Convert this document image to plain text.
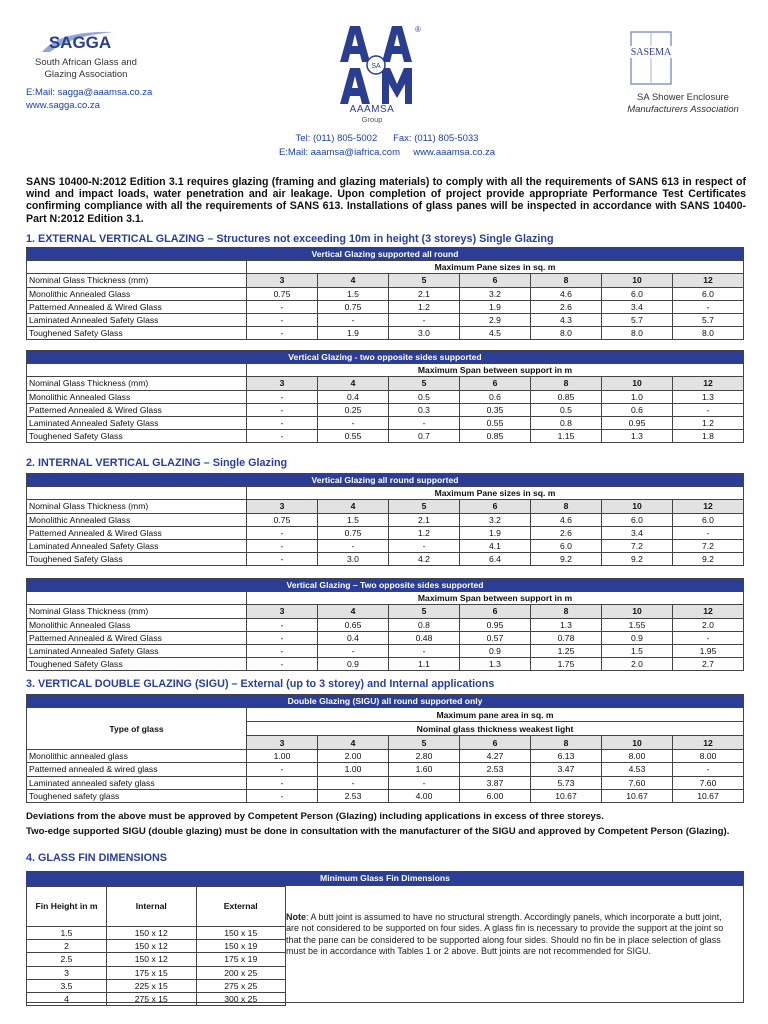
SAGGA
South African Glass and
Glazing Association
E:Mail: sagga@aaamsa.co.za
www.sagga.co.za
SA
®
AAAMSA
Group
Tel: (011) 805-5002 Fax: (011) 805-5033
E:Mail: aaamsa@iafrica.com www.aaamsa.co.za
SASEMA
SA Shower Enclosure
Manufacturers Association
SANS 10400-N:2012 Edition 3.1 requires glazing (framing and glazing materials) to comply with all the requirements of SANS 613 in respect of wind and impact loads, water penetration and air leakage. Upon completion of project provide appropriate Performance Test Certificates confirming compliance with all the requirements of SANS 613. Installations of glass panes will be inspected in accordance with SANS 10400-Part N:2012 Edition 3.1.
1. EXTERNAL VERTICAL GLAZING – Structures not exceeding 10m in height (3 storeys) Single Glazing
Vertical Glazing supported all round							
	Maximum Pane sizes in sq. m						
Nominal Glass Thickness (mm)	3	4	5	6	8	10	12
Monolithic Annealed Glass	0.75	1.5	2.1	3.2	4.6	6.0	6.0
Patterned Annealed & Wired Glass	-	0.75	1.2	1.9	2.6	3.4	-
Laminated Annealed Safety Glass	-	-	-	2.9	4.3	5.7	5.7
Toughened Safety Glass	-	1.9	3.0	4.5	8.0	8.0	8.0
Vertical Glazing - two opposite sides supported							
	Maximum Span between support in m						
Nominal Glass Thickness (mm)	3	4	5	6	8	10	12
Monolithic Annealed Glass	-	0.4	0.5	0.6	0.85	1.0	1.3
Patterned Annealed & Wired Glass	-	0.25	0.3	0.35	0.5	0.6	-
Laminated Annealed Safety Glass	-	-	-	0.55	0.8	0.95	1.2
Toughened Safety Glass	-	0.55	0.7	0.85	1.15	1.3	1.8
2. INTERNAL VERTICAL GLAZING – Single Glazing
Vertical Glazing all round supported							
	Maximum Pane sizes in sq. m						
Nominal Glass Thickness (mm)	3	4	5	6	8	10	12
Monolithic Annealed Glass	0.75	1.5	2.1	3.2	4.6	6.0	6.0
Patterned Annealed & Wired Glass	-	0.75	1.2	1.9	2.6	3.4	-
Laminated Annealed Safety Glass	-	-	-	4.1	6.0	7.2	7.2
Toughened Safety Glass	-	3.0	4.2	6.4	9.2	9.2	9.2
Vertical Glazing – Two opposite sides supported							
	Maximum Span between support in m						
Nominal Glass Thickness (mm)	3	4	5	6	8	10	12
Monolithic Annealed Glass	-	0.65	0.8	0.95	1.3	1.55	2.0
Patterned Annealed & Wired Glass	-	0.4	0.48	0.57	0.78	0.9	-
Laminated Annealed Safety Glass	-	-	-	0.9	1.25	1.5	1.95
Toughened Safety Glass	-	0.9	1.1	1.3	1.75	2.0	2.7
3. VERTICAL DOUBLE GLAZING (SIGU) – External (up to 3 storey) and Internal applications
Double Glazing (SIGU) all round supported only							
Type of glass	Maximum pane area in sq. m						
	Nominal glass thickness weakest light						
	3	4	5	6	8	10	12
Monolithic annealed glass	1.00	2.00	2.80	4.27	6.13	8.00	8.00
Patterned annealed & wired glass	-	1.00	1.60	2.53	3.47	4.53	-
Laminated annealed safety glass	-	-	-	3.87	5.73	7.60	7.60
Toughened safety glass	-	2.53	4.00	6.00	10.67	10.67	10.67
Deviations from the above must be approved by Competent Person (Glazing) including applications in excess of three storeys.
Two-edge supported SIGU (double glazing) must be done in consultation with the manufacturer of the SIGU and approved by Competent Person (Glazing).
4. GLASS FIN DIMENSIONS
Fin Height in m	Internal	External
1.5	150 x 12	150 x 15
2	150 x 12	150 x 19
2.5	150 x 12	175 x 19
3	175 x 15	200 x 25
3.5	225 x 15	275 x 25
4	275 x 15	300 x 25
Minimum Glass Fin Dimensions
Note: A butt joint is assumed to have no structural strength. Accordingly panels, which incorporate a butt joint, are not considered to be supported on four sides. A glass fin is necessary to provide the support at the joint so that the pane can be considered to be supported along four sides. Should no fin be in place selection of glass must be in accordance with Tables 1 or 2 above. Butt joints are not recommended for SIGU.
